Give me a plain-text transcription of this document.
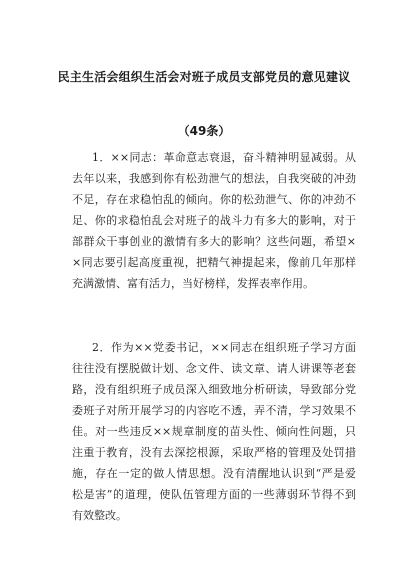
民主生活会组织生活会对班子成员支部党员的意见建议
（49条）
1．××同志：革命意志衰退，奋斗精神明显减弱。从
去年以来，我感到你有松劲泄气的想法，自我突破的冲劲
不足，存在求稳怕乱的倾向。你的松劲泄气、你的冲劲不
足、你的求稳怕乱会对班子的战斗力有多大的影响，对于
部群众干事创业的激情有多大的影响？这些问题，希望×
×同志要引起高度重视，把精气神提起来，像前几年那样
充满激情、富有活力，当好榜样，发挥表率作用。
2．作为××党委书记，××同志在组织班子学习方面
往往没有摆脱做计划、念文件、读文章、请人讲课等老套
路，没有组织班子成员深入细致地分析研读，导致部分党
委班子对所开展学习的内容吃不透，弄不清，学习效果不
佳。对一些违反××规章制度的苗头性、倾向性问题，只
注重于教育，没有去深挖根源，采取严格的管理及处罚措
施，存在一定的做人情思想。没有清醒地认识到“严是爱
松是害”的道理，使队伍管理方面的一些薄弱环节得不到
有效整改。
